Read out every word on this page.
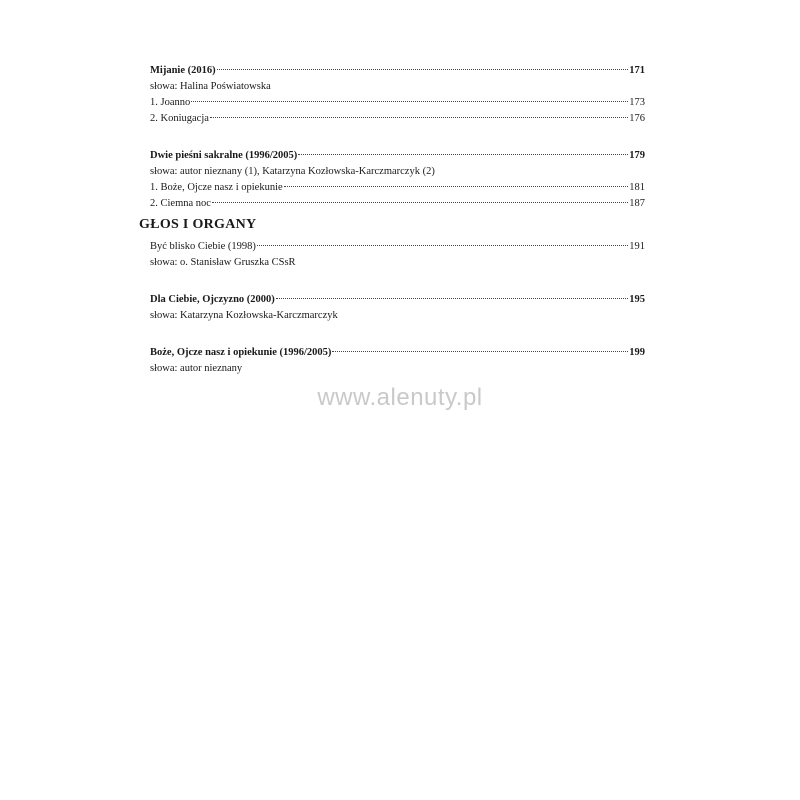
Mijanie (2016)	171
słowa: Halina Poświatowska
1. Joanno	173
2. Koniugacja	176
Dwie pieśni sakralne (1996/2005)	179
słowa: autor nieznany (1), Katarzyna Kozłowska-Karczmarczyk (2)
1. Boże, Ojcze nasz i opiekunie	181
2. Ciemna noc	187
GŁOS I ORGANY
Być blisko Ciebie (1998)	191
słowa: o. Stanisław Gruszka CSsR
Dla Ciebie, Ojczyzno (2000)	195
słowa: Katarzyna Kozłowska-Karczmarczyk
Boże, Ojcze nasz i opiekunie (1996/2005)	199
słowa: autor nieznany
www.alenuty.pl
